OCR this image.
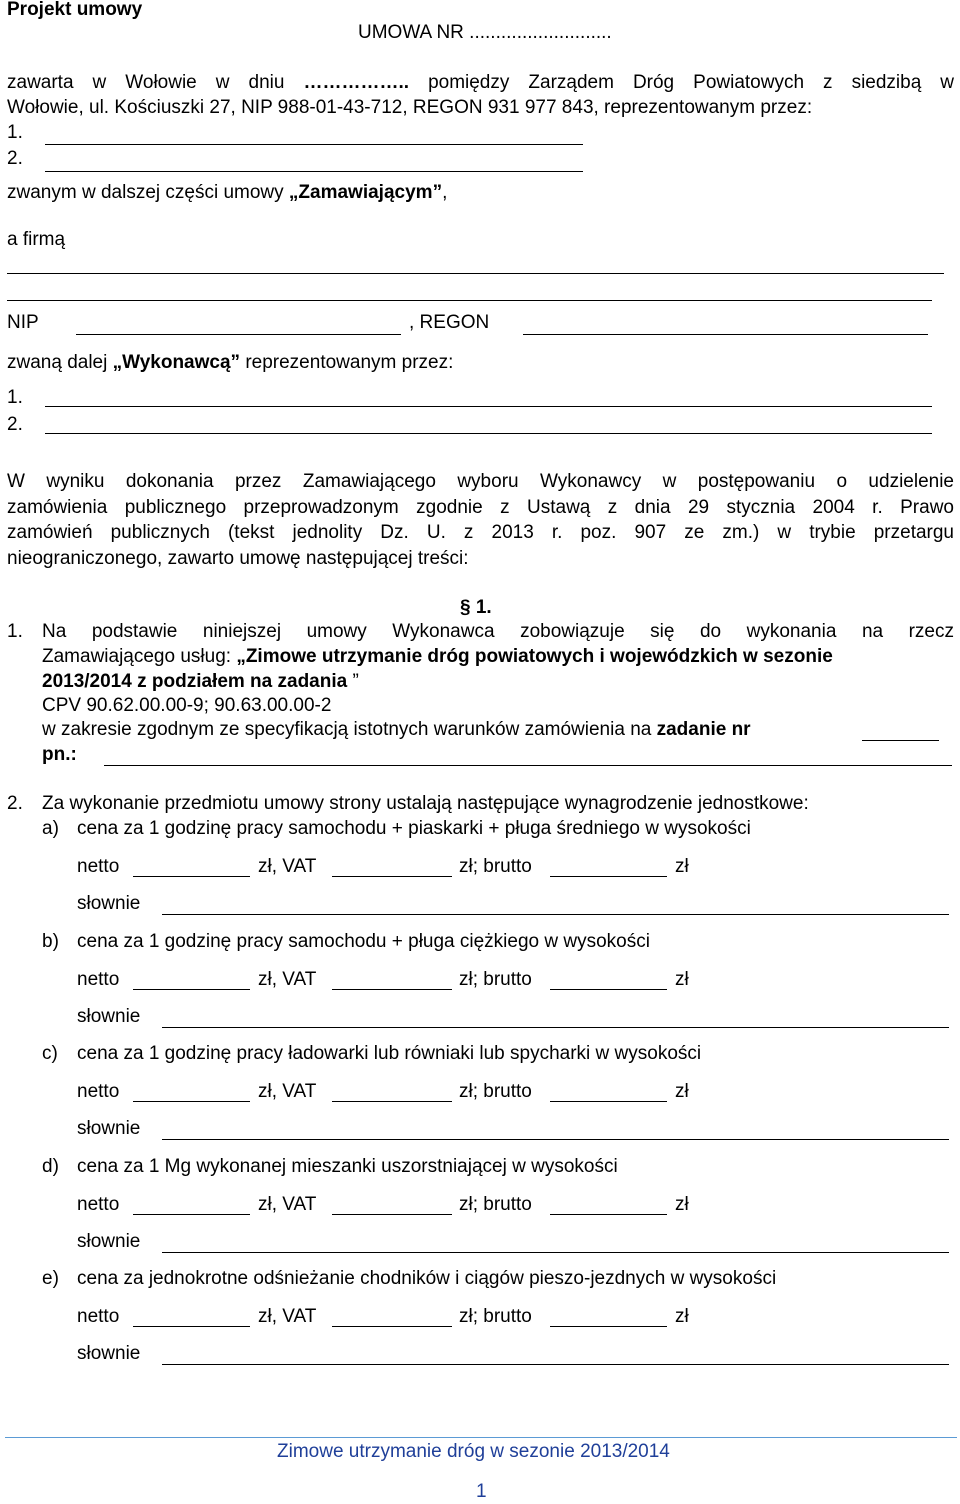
Projekt umowy
UMOWA NR ...........................
zawarta w Wołowie w dniu …………….. pomiędzy Zarządem Dróg Powiatowych z siedzibą w
Wołowie, ul. Kościuszki 27, NIP 988-01-43-712, REGON 931 977 843, reprezentowanym przez:
1.
2.
zwanym w dalszej części umowy „Zamawiającym”,
a firmą
NIP	, REGON
zwaną dalej „Wykonawcą” reprezentowanym przez:
1.
2.
W wyniku dokonania przez Zamawiającego wyboru Wykonawcy w postępowaniu o udzielenie
zamówienia publicznego przeprowadzonym zgodnie z Ustawą z dnia 29 stycznia 2004 r. Prawo
zamówień publicznych (tekst jednolity Dz. U. z 2013 r. poz. 907 ze zm.) w trybie przetargu
nieograniczonego, zawarto umowę następującej treści:
§ 1.
1. Na podstawie niniejszej umowy Wykonawca zobowiązuje się do wykonania na rzecz
Zamawiającego usług: „Zimowe utrzymanie dróg powiatowych i wojewódzkich w sezonie
2013/2014 z podziałem na zadania ”
CPV 90.62.00.00-9; 90.63.00.00-2
w zakresie zgodnym ze specyfikacją istotnych warunków zamówienia na zadanie nr
pn.:
2. Za wykonanie przedmiotu umowy strony ustalają następujące wynagrodzenie jednostkowe:
a) cena za 1 godzinę pracy samochodu + piaskarki + pługa średniego w wysokości
netto	zł, VAT	zł; brutto	zł
słownie
b) cena za 1 godzinę pracy samochodu + pługa ciężkiego w wysokości
netto	zł, VAT	zł; brutto	zł
słownie
c) cena za 1 godzinę pracy ładowarki lub równiaki lub spycharki w wysokości
netto	zł, VAT	zł; brutto	zł
słownie
d) cena za 1 Mg wykonanej mieszanki uszorstniającej w wysokości
netto	zł, VAT	zł; brutto	zł
słownie
e) cena za jednokrotne odśnieżanie chodników i ciągów pieszo-jezdnych w wysokości
netto	zł, VAT	zł; brutto	zł
słownie
Zimowe utrzymanie dróg w sezonie 2013/2014
1
